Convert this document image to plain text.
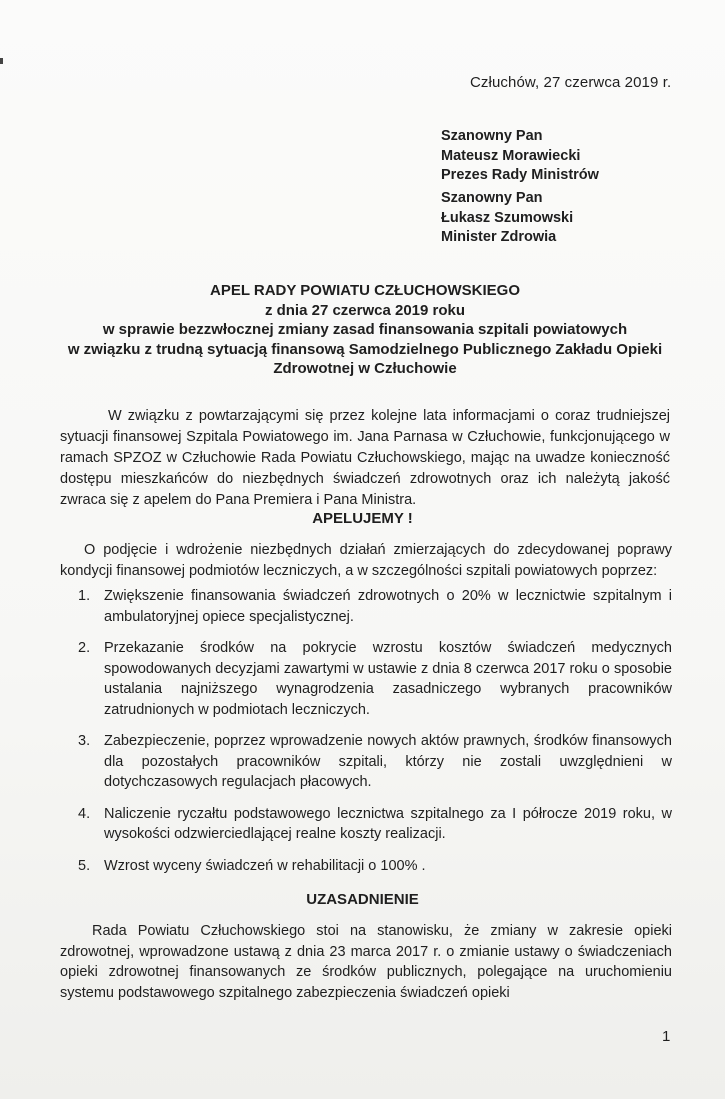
Człuchów, 27 czerwca 2019 r.
Szanowny Pan
Mateusz Morawiecki
Prezes Rady Ministrów
Szanowny Pan
Łukasz Szumowski
Minister Zdrowia
APEL RADY POWIATU CZŁUCHOWSKIEGO
z dnia 27 czerwca 2019 roku
w sprawie bezzwłocznej zmiany zasad finansowania szpitali powiatowych
w związku z trudną sytuacją finansową Samodzielnego Publicznego Zakładu Opieki
Zdrowotnej w Człuchowie
W związku z powtarzającymi się przez kolejne lata informacjami o coraz trudniejszej sytuacji finansowej Szpitala Powiatowego im. Jana Parnasa w Człuchowie, funkcjonującego w ramach SPZOZ w Człuchowie Rada Powiatu Człuchowskiego, mając na uwadze konieczność dostępu mieszkańców do niezbędnych świadczeń zdrowotnych oraz ich należytą jakość zwraca się z apelem do Pana Premiera i Pana Ministra.
APELUJEMY !
O podjęcie i wdrożenie niezbędnych działań zmierzających do zdecydowanej poprawy kondycji finansowej podmiotów leczniczych, a w szczególności szpitali powiatowych poprzez:
1. Zwiększenie finansowania świadczeń zdrowotnych o 20% w lecznictwie szpitalnym i ambulatoryjnej opiece specjalistycznej.
2. Przekazanie środków na pokrycie wzrostu kosztów świadczeń medycznych spowodowanych decyzjami zawartymi w ustawie z dnia 8 czerwca 2017 roku o sposobie ustalania najniższego wynagrodzenia zasadniczego wybranych pracowników zatrudnionych w podmiotach leczniczych.
3. Zabezpieczenie, poprzez wprowadzenie nowych aktów prawnych, środków finansowych dla pozostałych pracowników szpitali, którzy nie zostali uwzględnieni w dotychczasowych regulacjach płacowych.
4. Naliczenie ryczałtu podstawowego lecznictwa szpitalnego za I półrocze 2019 roku, w wysokości odzwierciedlającej realne koszty realizacji.
5. Wzrost wyceny świadczeń w rehabilitacji o 100% .
UZASADNIENIE
Rada Powiatu Człuchowskiego stoi na stanowisku, że zmiany w zakresie opieki zdrowotnej, wprowadzone ustawą z dnia 23 marca 2017 r. o zmianie ustawy o świadczeniach opieki zdrowotnej finansowanych ze środków publicznych, polegające na uruchomieniu systemu podstawowego szpitalnego zabezpieczenia świadczeń opieki
1
